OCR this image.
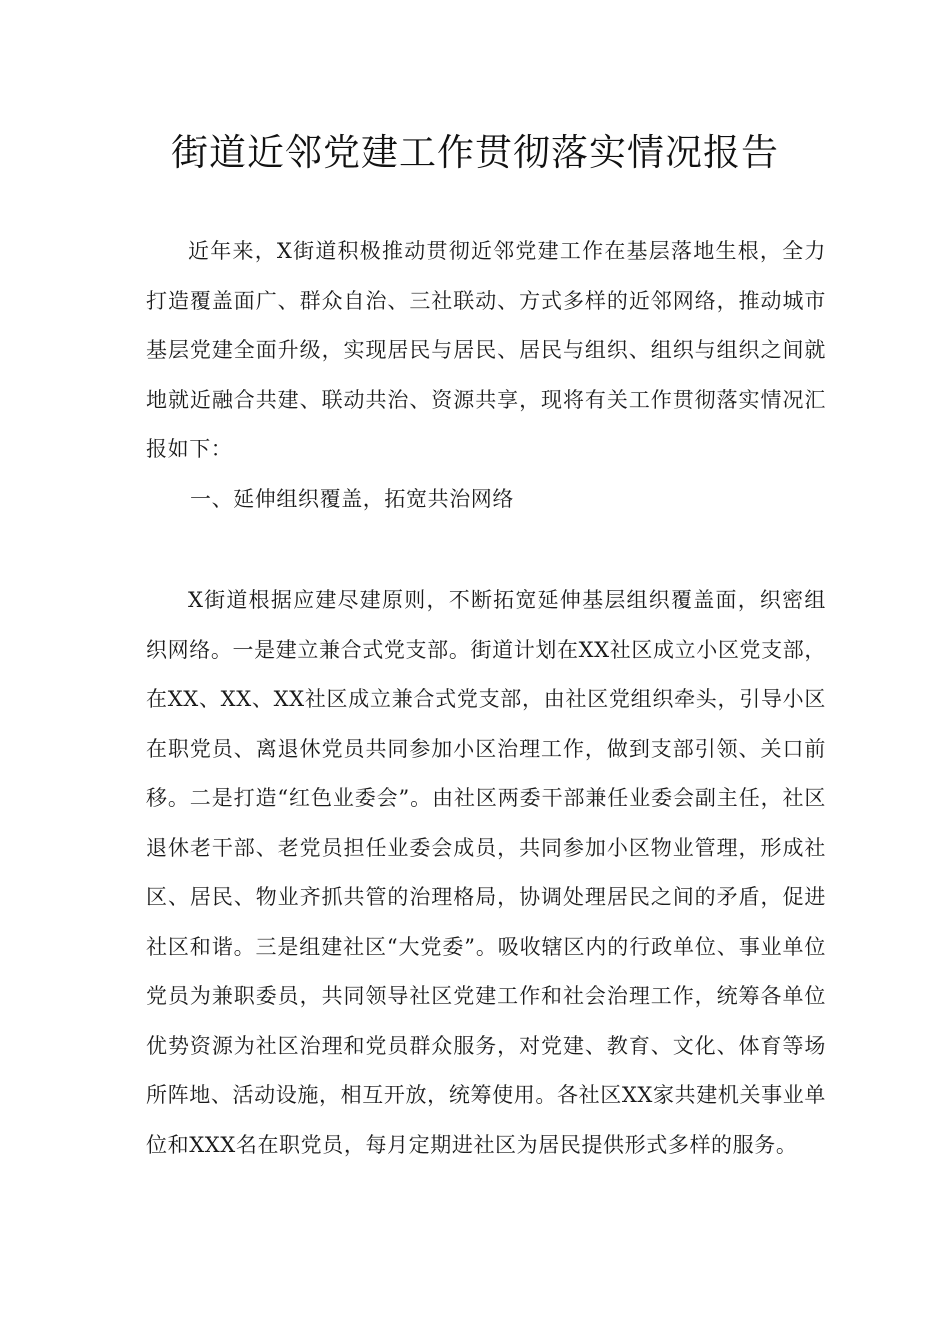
街道近邻党建工作贯彻落实情况报告

近年来，X街道积极推动贯彻近邻党建工作在基层落地生根，全力打造覆盖面广、群众自治、三社联动、方式多样的近邻网络，推动城市基层党建全面升级，实现居民与居民、居民与组织、组织与组织之间就地就近融合共建、联动共治、资源共享，现将有关工作贯彻落实情况汇报如下：

一、延伸组织覆盖，拓宽共治网络

X街道根据应建尽建原则，不断拓宽延伸基层组织覆盖面，织密组织网络。一是建立兼合式党支部。街道计划在XX社区成立小区党支部，在XX、XX、XX社区成立兼合式党支部，由社区党组织牵头，引导小区在职党员、离退休党员共同参加小区治理工作，做到支部引领、关口前移。二是打造“红色业委会”。由社区两委干部兼任业委会副主任，社区退休老干部、老党员担任业委会成员，共同参加小区物业管理，形成社区、居民、物业齐抓共管的治理格局，协调处理居民之间的矛盾，促进社区和谐。三是组建社区“大党委”。吸收辖区内的行政单位、事业单位党员为兼职委员，共同领导社区党建工作和社会治理工作，统筹各单位优势资源为社区治理和党员群众服务，对党建、教育、文化、体育等场所阵地、活动设施，相互开放，统筹使用。各社区XX家共建机关事业单位和XXX名在职党员，每月定期进社区为居民提供形式多样的服务。
